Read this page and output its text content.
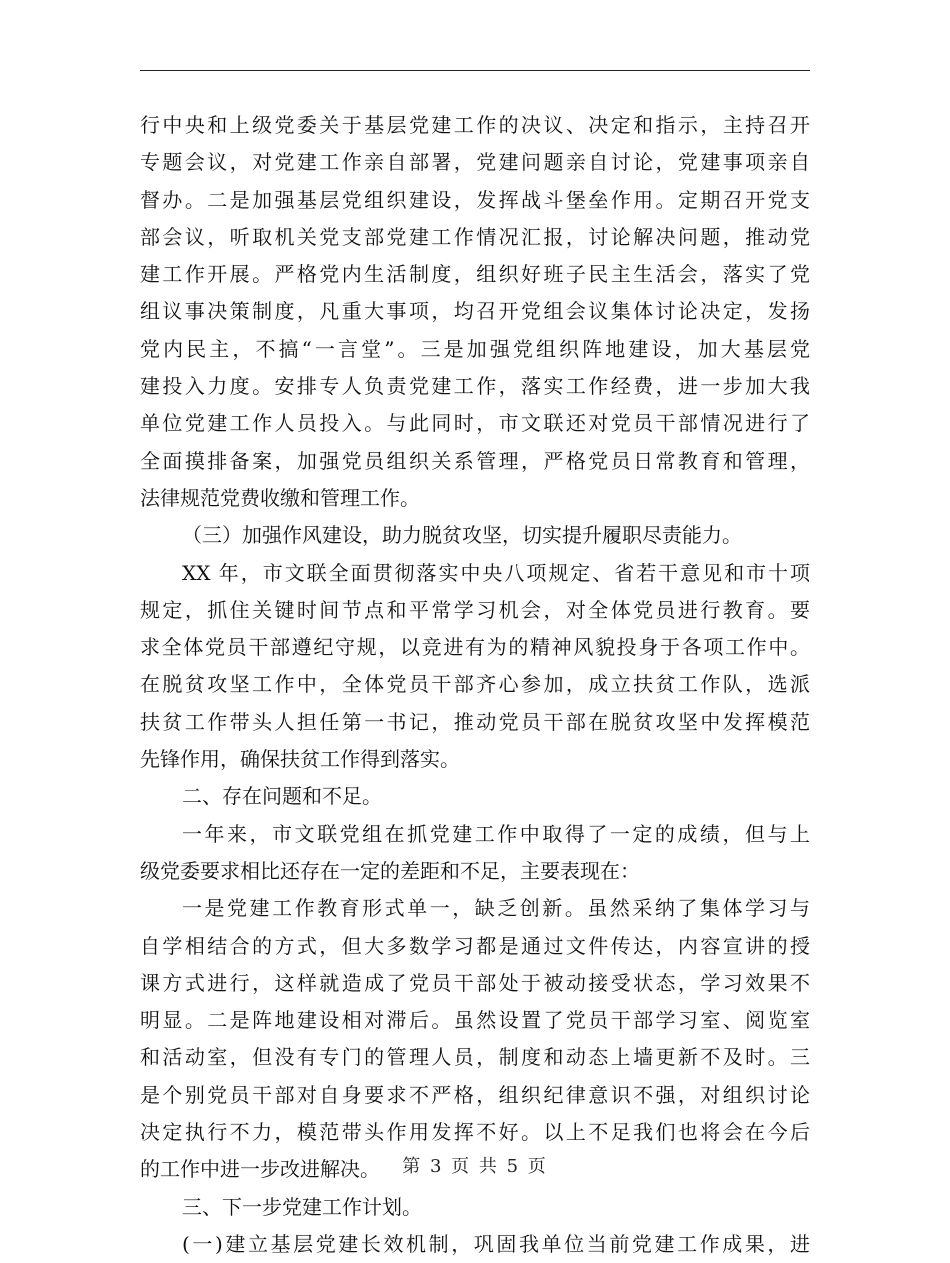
行中央和上级党委关于基层党建工作的决议、决定和指示，主持召开
专题会议，对党建工作亲自部署，党建问题亲自讨论，党建事项亲自
督办。二是加强基层党组织建设，发挥战斗堡垒作用。定期召开党支
部会议，听取机关党支部党建工作情况汇报，讨论解决问题，推动党
建工作开展。严格党内生活制度，组织好班子民主生活会，落实了党
组议事决策制度，凡重大事项，均召开党组会议集体讨论决定，发扬
党内民主，不搞“一言堂”。三是加强党组织阵地建设，加大基层党
建投入力度。安排专人负责党建工作，落实工作经费，进一步加大我
单位党建工作人员投入。与此同时，市文联还对党员干部情况进行了
全面摸排备案，加强党员组织关系管理，严格党员日常教育和管理，
法律规范党费收缴和管理工作。
（三）加强作风建设，助力脱贫攻坚，切实提升履职尽责能力。
XX 年，市文联全面贯彻落实中央八项规定、省若干意见和市十项
规定，抓住关键时间节点和平常学习机会，对全体党员进行教育。要
求全体党员干部遵纪守规，以竞进有为的精神风貌投身于各项工作中。
在脱贫攻坚工作中，全体党员干部齐心参加，成立扶贫工作队，选派
扶贫工作带头人担任第一书记，推动党员干部在脱贫攻坚中发挥模范
先锋作用，确保扶贫工作得到落实。
二、存在问题和不足。
一年来，市文联党组在抓党建工作中取得了一定的成绩，但与上
级党委要求相比还存在一定的差距和不足，主要表现在：
一是党建工作教育形式单一，缺乏创新。虽然采纳了集体学习与
自学相结合的方式，但大多数学习都是通过文件传达，内容宣讲的授
课方式进行，这样就造成了党员干部处于被动接受状态，学习效果不
明显。二是阵地建设相对滞后。虽然设置了党员干部学习室、阅览室
和活动室，但没有专门的管理人员，制度和动态上墙更新不及时。三
是个别党员干部对自身要求不严格，组织纪律意识不强，对组织讨论
决定执行不力，模范带头作用发挥不好。以上不足我们也将会在今后
的工作中进一步改进解决。
三、下一步党建工作计划。
(一)建立基层党建长效机制，巩固我单位当前党建工作成果，进
第 3 页 共 5 页
